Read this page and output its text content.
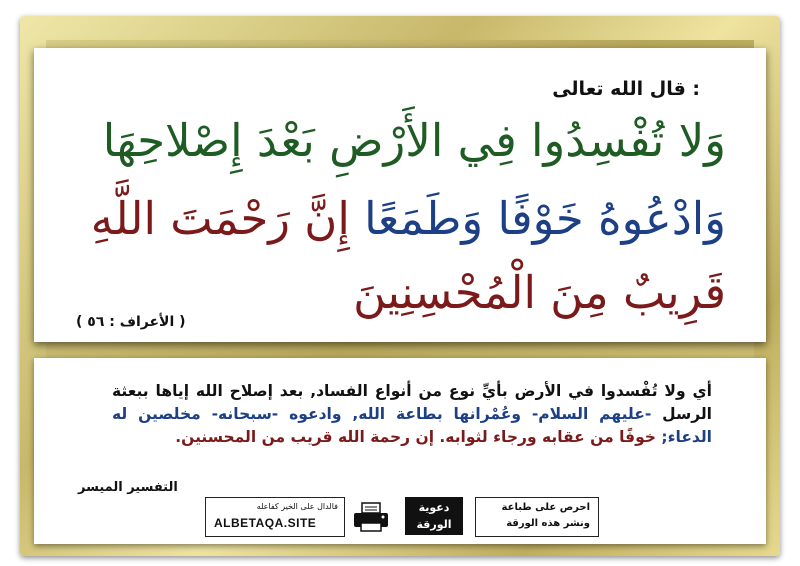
قال الله تعالى :
وَلا تُفْسِدُوا فِي الأَرْضِ بَعْدَ إِصْلاحِهَا
وَادْعُوهُ خَوْفًا وَطَمَعًا إِنَّ رَحْمَتَ اللَّهِ
قَرِيبٌ مِنَ الْمُحْسِنِينَ
( الأعراف : ٥٦ )
أي ولا تُفْسدوا في الأرض بأيِّ نوع من أنواع الفساد, بعد إصلاح الله إياها ببعثة الرسل -عليهم السلام- وعُمْرانها بطاعة الله, وادعوه -سبحانه- مخلصين له الدعاء; خوفًا من عقابه ورجاء لثوابه. إن رحمة الله قريب من المحسنين.
التفسير الميسر
فالدال على الخير كفاعله
ALBETAQA.SITE
دعوية
الورقة
احرص على طباعة
ونشر هذه الورقة
